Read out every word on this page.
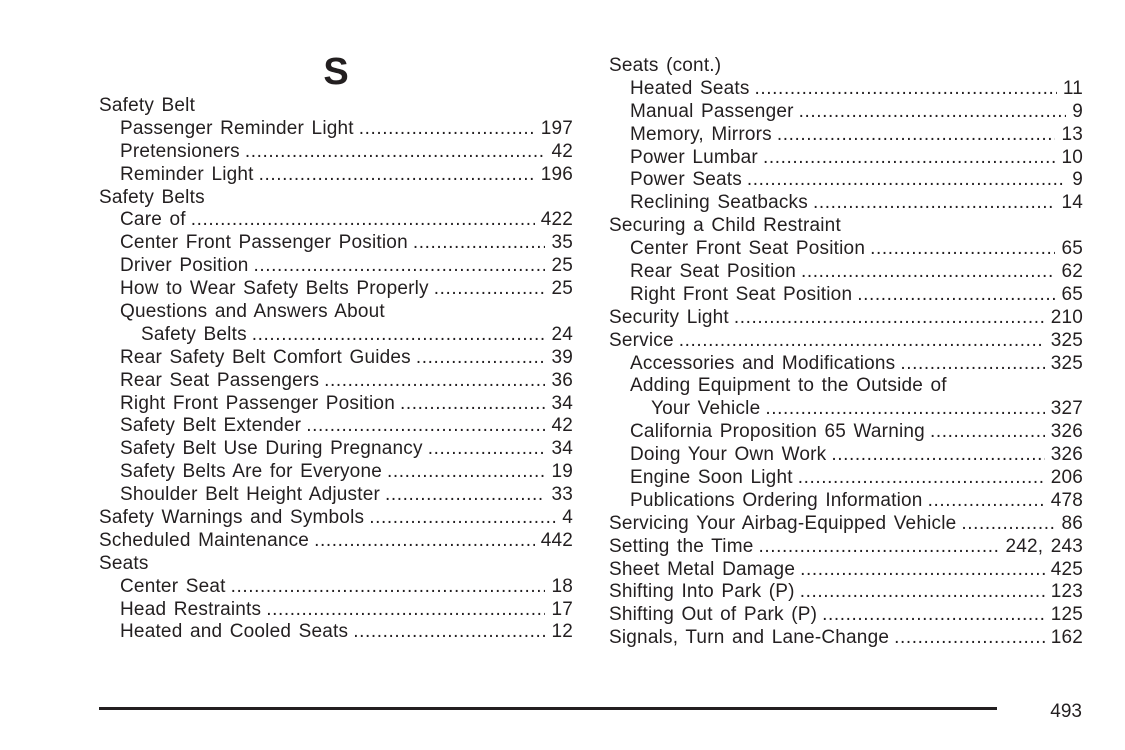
S
Safety Belt
Passenger Reminder Light .....	197
Pretensioners .....	42
Reminder Light .....	196
Safety Belts
Care of .....	422
Center Front Passenger Position .....	35
Driver Position .....	25
How to Wear Safety Belts Properly .....	25
Questions and Answers About
Safety Belts .....	24
Rear Safety Belt Comfort Guides .....	39
Rear Seat Passengers .....	36
Right Front Passenger Position .....	34
Safety Belt Extender .....	42
Safety Belt Use During Pregnancy .....	34
Safety Belts Are for Everyone .....	19
Shoulder Belt Height Adjuster .....	33
Safety Warnings and Symbols .....	4
Scheduled Maintenance .....	442
Seats
Center Seat .....	18
Head Restraints .....	17
Heated and Cooled Seats .....	12
Seats (cont.)
Heated Seats .....	11
Manual Passenger .....	9
Memory, Mirrors .....	13
Power Lumbar .....	10
Power Seats .....	9
Reclining Seatbacks .....	14
Securing a Child Restraint
Center Front Seat Position .....	65
Rear Seat Position .....	62
Right Front Seat Position .....	65
Security Light .....	210
Service .....	325
Accessories and Modifications .....	325
Adding Equipment to the Outside of
Your Vehicle .....	327
California Proposition 65 Warning .....	326
Doing Your Own Work .....	326
Engine Soon Light .....	206
Publications Ordering Information .....	478
Servicing Your Airbag-Equipped Vehicle .....	86
Setting the Time .....	242, 243
Sheet Metal Damage .....	425
Shifting Into Park (P) .....	123
Shifting Out of Park (P) .....	125
Signals, Turn and Lane-Change .....	162
493
